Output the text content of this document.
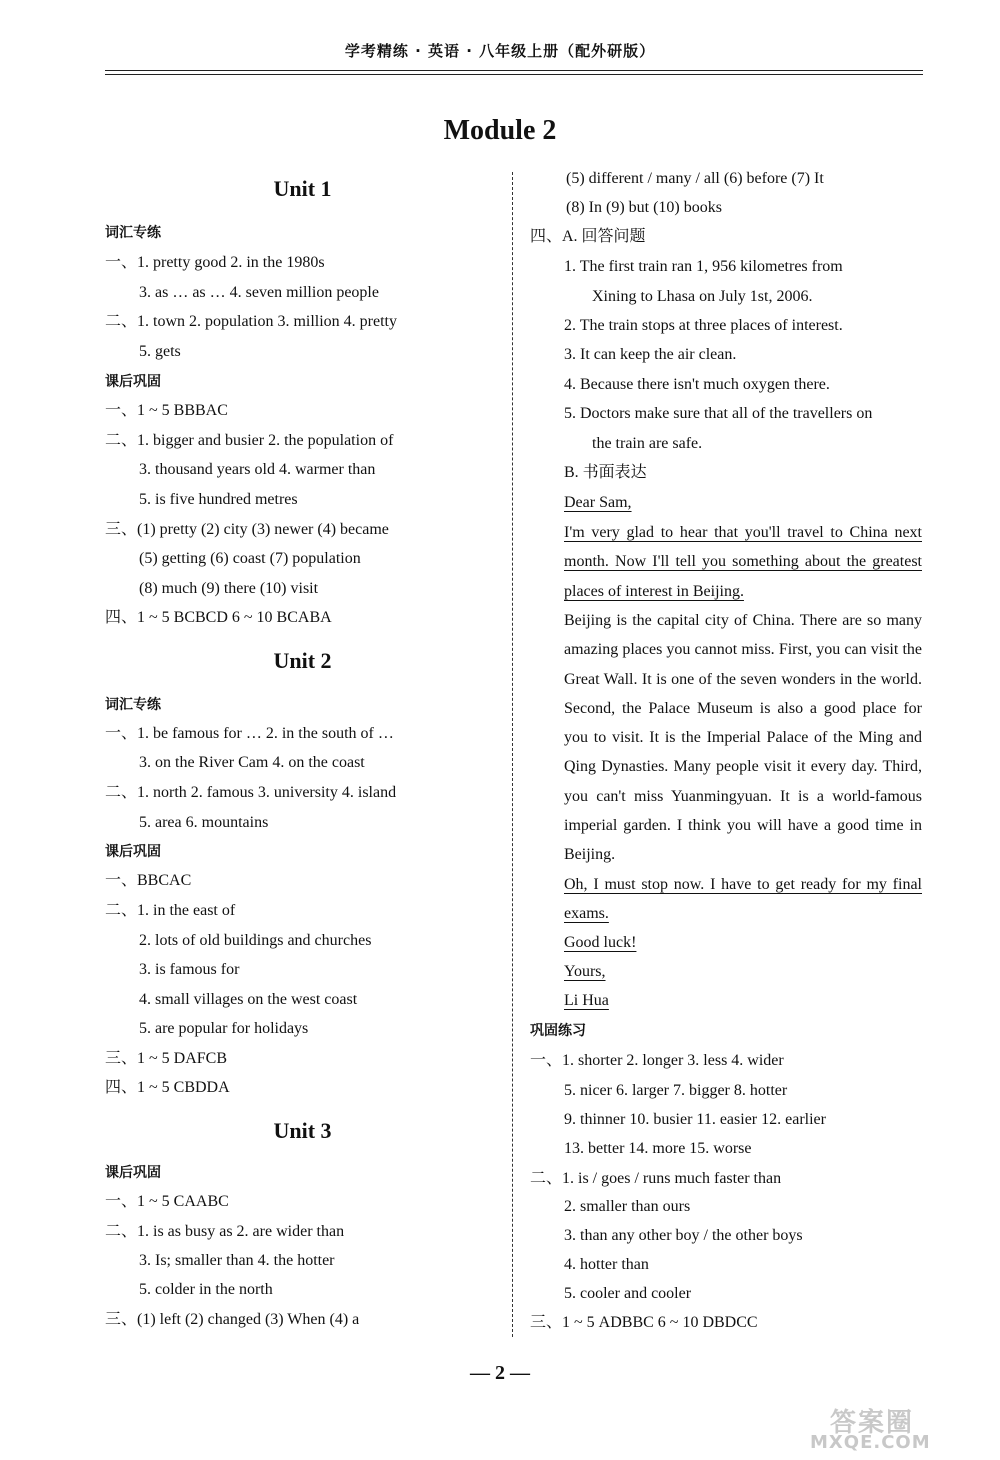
学考精练 · 英语 · 八年级上册（配外研版）
Module 2
Unit 1
词汇专练
一、1. pretty good 2. in the 1980s
3. as … as … 4. seven million people
二、1. town 2. population 3. million 4. pretty
5. gets
课后巩固
一、1 ~ 5 BBBAC
二、1. bigger and busier 2. the population of
3. thousand years old 4. warmer than
5. is five hundred metres
三、(1) pretty (2) city (3) newer (4) became
(5) getting (6) coast (7) population
(8) much (9) there (10) visit
四、1 ~ 5 BCBCD 6 ~ 10 BCABA
Unit 2
词汇专练
一、1. be famous for … 2. in the south of …
3. on the River Cam 4. on the coast
二、1. north 2. famous 3. university 4. island
5. area 6. mountains
课后巩固
一、BBCAC
二、1. in the east of
2. lots of old buildings and churches
3. is famous for
4. small villages on the west coast
5. are popular for holidays
三、1 ~ 5 DAFCB
四、1 ~ 5 CBDDA
Unit 3
课后巩固
一、1 ~ 5 CAABC
二、1. is as busy as 2. are wider than
3. Is; smaller than 4. the hotter
5. colder in the north
三、(1) left (2) changed (3) When (4) a
(5) different / many / all (6) before (7) It
(8) In (9) but (10) books
四、A. 回答问题
1. The first train ran 1, 956 kilometres from
Xining to Lhasa on July 1st, 2006.
2. The train stops at three places of interest.
3. It can keep the air clean.
4. Because there isn't much oxygen there.
5. Doctors make sure that all of the travellers on
the train are safe.
B. 书面表达
Dear Sam,
I'm very glad to hear that you'll travel to China next month. Now I'll tell you something about the greatest places of interest in Beijing.
Beijing is the capital city of China. There are so many amazing places you cannot miss. First, you can visit the Great Wall. It is one of the seven wonders in the world. Second, the Palace Museum is also a good place for you to visit. It is the Imperial Palace of the Ming and Qing Dynasties. Many people visit it every day. Third, you can't miss Yuanmingyuan. It is a world-famous imperial garden. I think you will have a good time in Beijing.
Oh, I must stop now. I have to get ready for my final exams.
Good luck!
Yours,
Li Hua
巩固练习
一、1. shorter 2. longer 3. less 4. wider
5. nicer 6. larger 7. bigger 8. hotter
9. thinner 10. busier 11. easier 12. earlier
13. better 14. more 15. worse
二、1. is / goes / runs much faster than
2. smaller than ours
3. than any other boy / the other boys
4. hotter than
5. cooler and cooler
三、1 ~ 5 ADBBC 6 ~ 10 DBDCC
— 2 —
答案圈
MXQE.COM
